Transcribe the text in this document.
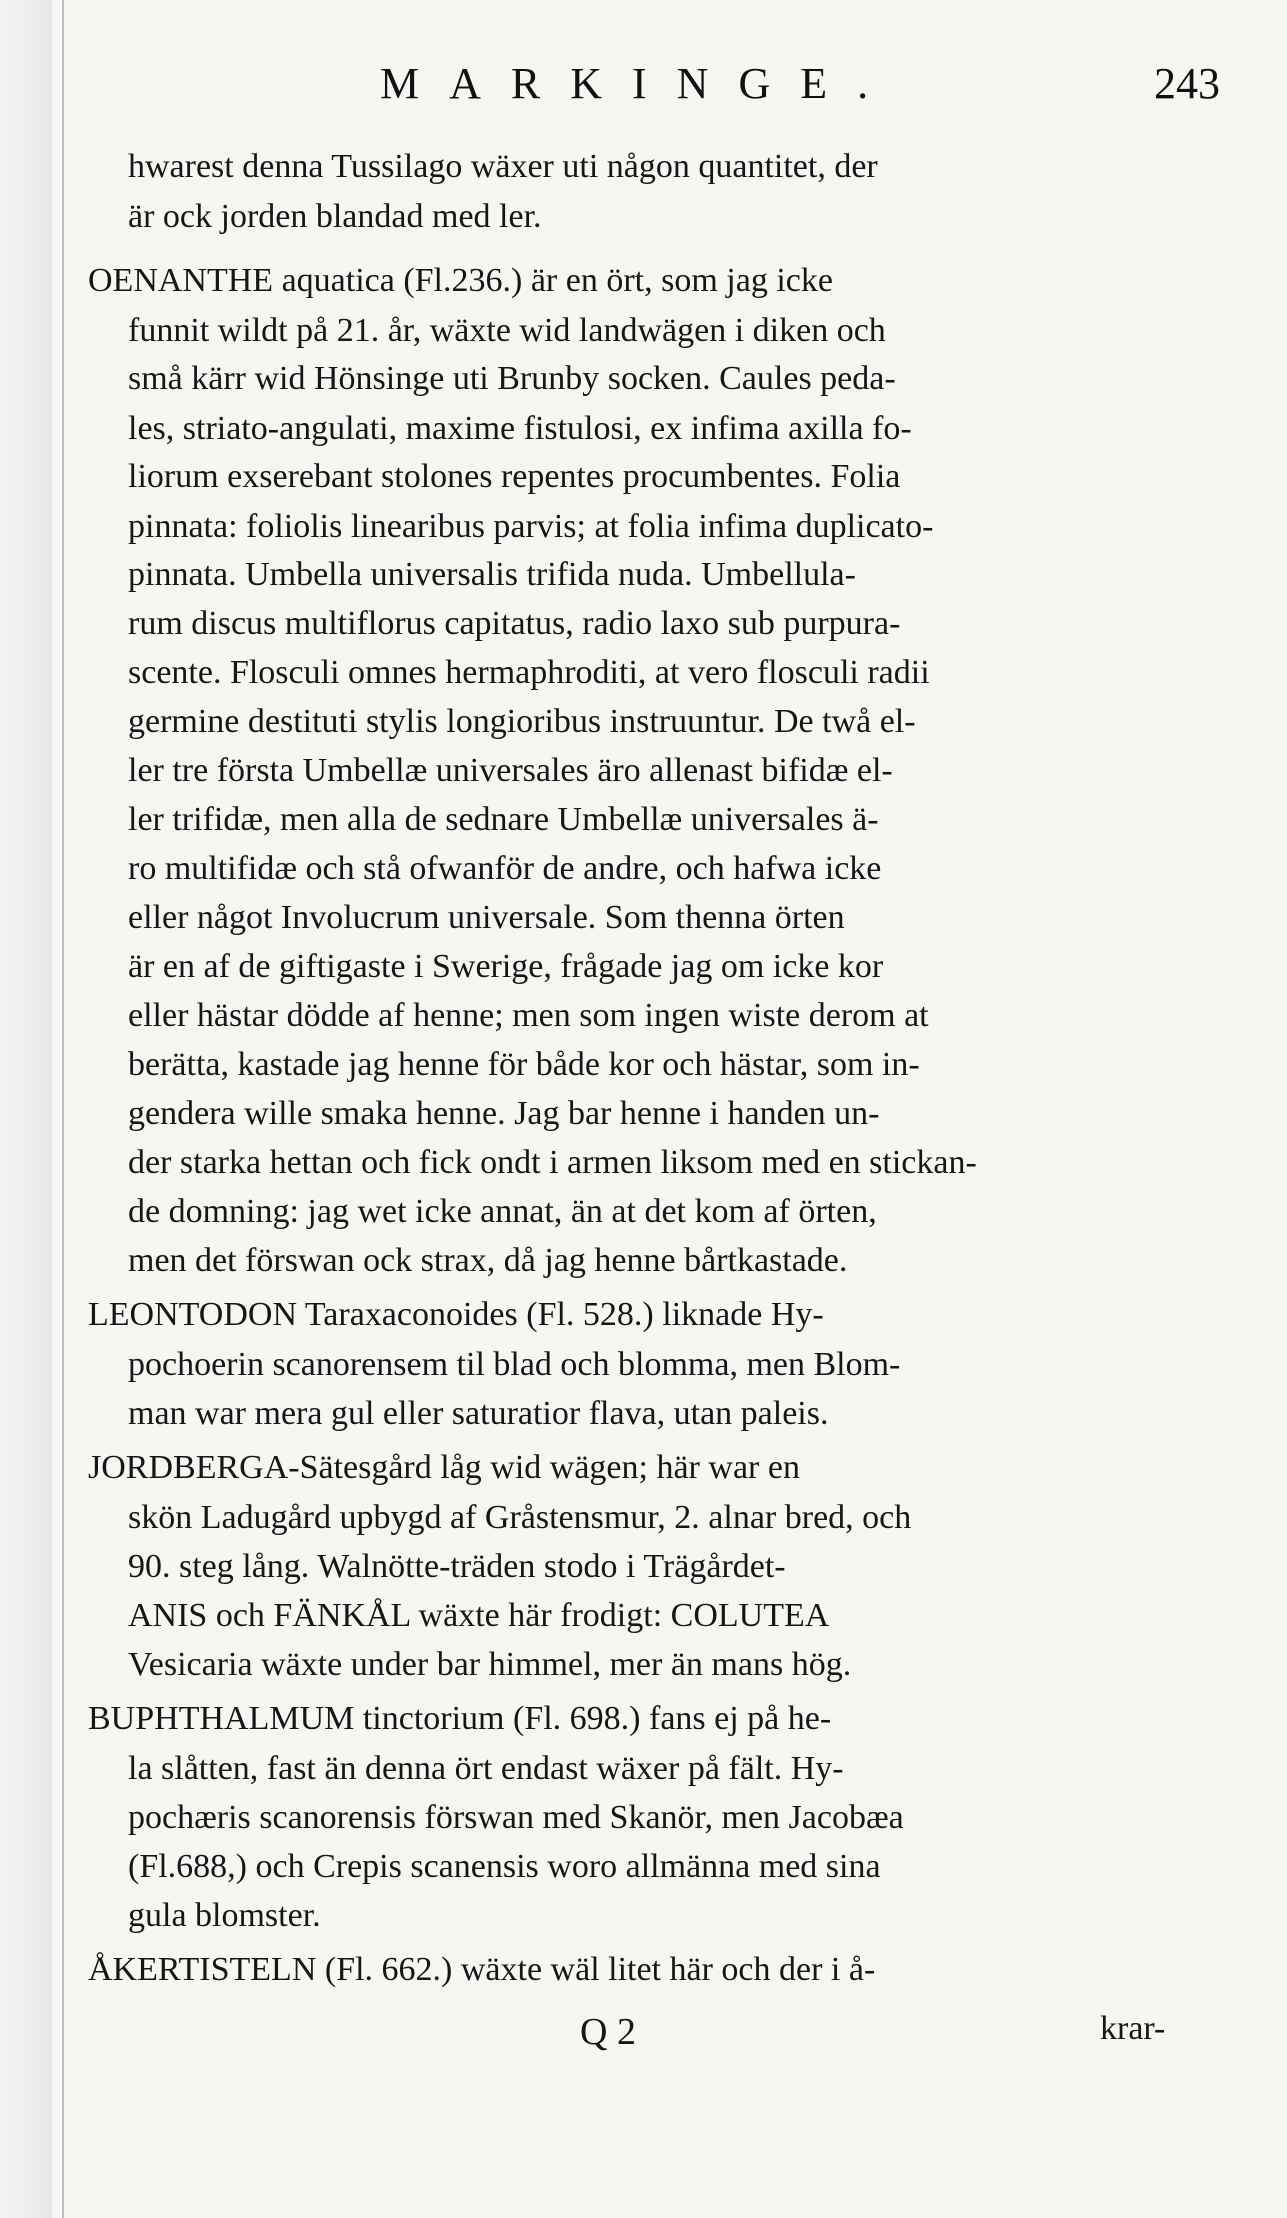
MARKINGE.	243
hwarest denna Tussilago wäxer uti någon quantitet, der
är ock jorden blandad med ler.
OENANTHE aquatica (Fl.236.) är en ört, som jag icke
funnit wildt på 21. år, wäxte wid landwägen i diken och
små kärr wid Hönsinge uti Brunby socken. Caules peda-
les, striato-angulati, maxime fistulosi, ex infima axilla fo-
liorum exserebant stolones repentes procumbentes. Folia
pinnata: foliolis linearibus parvis; at folia infima duplicato-
pinnata. Umbella universalis trifida nuda. Umbellula-
rum discus multiflorus capitatus, radio laxo sub purpura-
scente. Flosculi omnes hermaphroditi, at vero flosculi radii
germine destituti stylis longioribus instruuntur. De twå el-
ler tre första Umbellæ universales äro allenast bifidæ el-
ler trifidæ, men alla de sednare Umbellæ universales ä-
ro multifidæ och stå ofwanför de andre, och hafwa icke
eller något Involucrum universale. Som thenna örten
är en af de giftigaste i Swerige, frågade jag om icke kor
eller hästar dödde af henne; men som ingen wiste derom at
berätta, kastade jag henne för både kor och hästar, som in-
gendera wille smaka henne. Jag bar henne i handen un-
der starka hettan och fick ondt i armen liksom med en stickan-
de domning: jag wet icke annat, än at det kom af örten,
men det förswan ock strax, då jag henne bårtkastade.
LEONTODON Taraxaconoides (Fl. 528.) liknade Hy-
pochoerin scanorensem til blad och blomma, men Blom-
man war mera gul eller saturatior flava, utan paleis.
JORDBERGA-Sätesgård låg wid wägen; här war en
skön Ladugård upbygd af Gråstensmur, 2. alnar bred, och
90. steg lång. Walnötte-träden stodo i Trägårdet-
ANIS och FÄNKÅL wäxte här frodigt: COLUTEA
Vesicaria wäxte under bar himmel, mer än mans hög.
BUPHTHALMUM tinctorium (Fl. 698.) fans ej på he-
la slåtten, fast än denna ört endast wäxer på fält. Hy-
pochæris scanorensis förswan med Skanör, men Jacobæa
(Fl.688,) och Crepis scanensis woro allmänna med sina
gula blomster.
ÅKERTISTELN (Fl. 662.) wäxte wäl litet här och der i å-
Q 2	krar-
